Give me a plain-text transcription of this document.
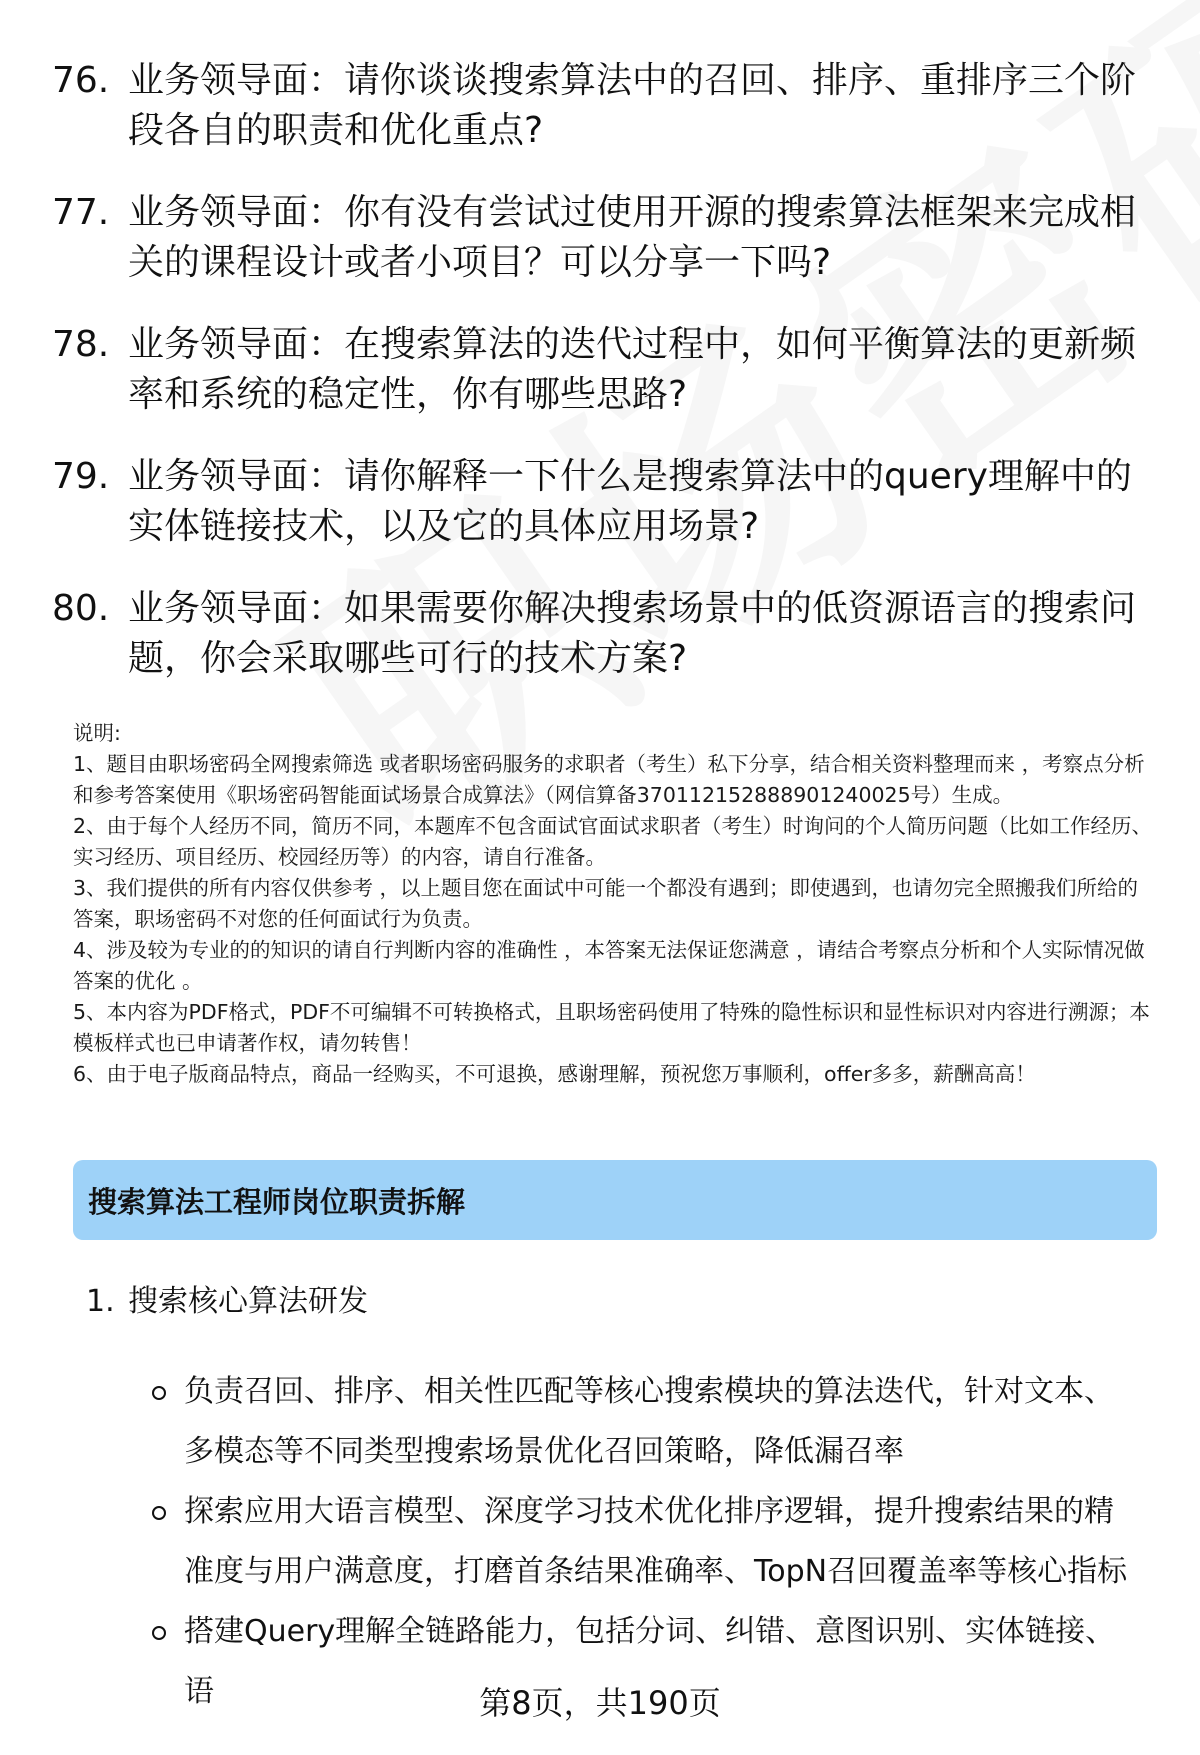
76. 业务领导面：请你谈谈搜索算法中的召回、排序、重排序三个阶段各自的职责和优化重点?
77. 业务领导面：你有没有尝试过使用开源的搜索算法框架来完成相关的课程设计或者小项目？可以分享一下吗?
78. 业务领导面：在搜索算法的迭代过程中，如何平衡算法的更新频率和系统的稳定性，你有哪些思路?
79. 业务领导面：请你解释一下什么是搜索算法中的query理解中的实体链接技术，以及它的具体应用场景?
80. 业务领导面：如果需要你解决搜索场景中的低资源语言的搜索问题，你会采取哪些可行的技术方案?
说明:
1、题目由职场密码全网搜索筛选 或者职场密码服务的求职者（考生）私下分享，结合相关资料整理而来 ，考察点分析和参考答案使用《职场密码智能面试场景合成算法》（网信算备370112152888901240025号）生成。
2、由于每个人经历不同，简历不同，本题库不包含面试官面试求职者（考生）时询问的个人简历问题（比如工作经历、实习经历、项目经历、校园经历等）的内容，请自行准备。
3、我们提供的所有内容仅供参考 ，以上题目您在面试中可能一个都没有遇到；即使遇到，也请勿完全照搬我们所给的答案，职场密码不对您的任何面试行为负责。
4、涉及较为专业的的知识的请自行判断内容的准确性 ，本答案无法保证您满意 ，请结合考察点分析和个人实际情况做答案的优化 。
5、本内容为PDF格式，PDF不可编辑不可转换格式，且职场密码使用了特殊的隐性标识和显性标识对内容进行溯源；本模板样式也已申请著作权，请勿转售！
6、由于电子版商品特点，商品一经购买，不可退换，感谢理解，预祝您万事顺利，offer多多，薪酬高高！
搜索算法工程师岗位职责拆解
1. 搜索核心算法研发
负责召回、排序、相关性匹配等核心搜索模块的算法迭代，针对文本、多模态等不同类型搜索场景优化召回策略，降低漏召率
探索应用大语言模型、深度学习技术优化排序逻辑，提升搜索结果的精准度与用户满意度，打磨首条结果准确率、TopN召回覆盖率等核心指标
搭建Query理解全链路能力，包括分词、纠错、意图识别、实体链接、语	第8页，共190页
